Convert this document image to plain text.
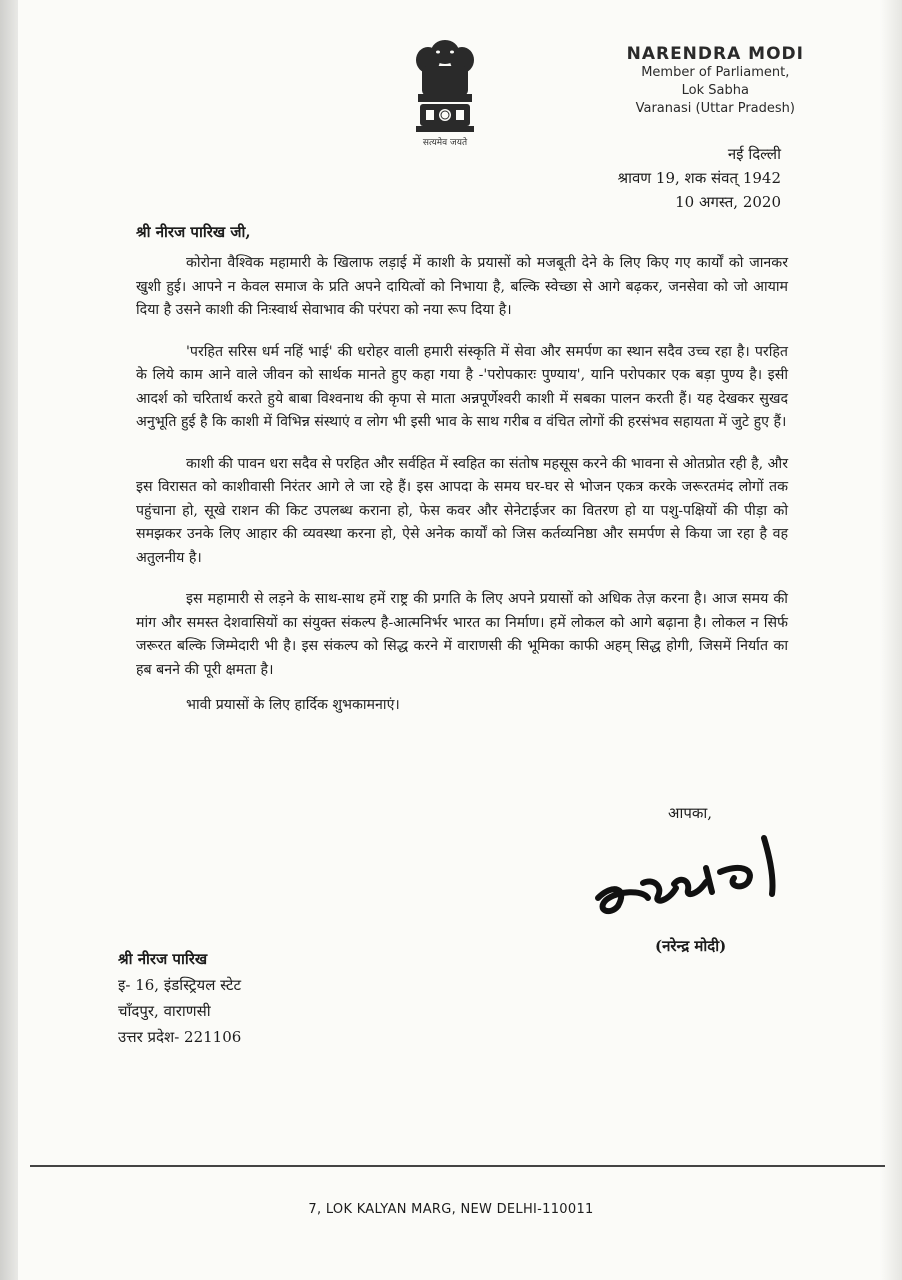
सत्यमेव जयते
NARENDRA MODI
Member of Parliament,
Lok Sabha
Varanasi (Uttar Pradesh)
नई दिल्ली
श्रावण 19, शक संवत् 1942
10 अगस्त, 2020
श्री नीरज पारिख जी,

कोरोना वैश्विक महामारी के खिलाफ लड़ाई में काशी के प्रयासों को मजबूती देने के लिए किए गए कार्यों को जानकर खुशी हुई। आपने न केवल समाज के प्रति अपने दायित्वों को निभाया है, बल्कि स्वेच्छा से आगे बढ़कर, जनसेवा को जो आयाम दिया है उसने काशी की निःस्वार्थ सेवाभाव की परंपरा को नया रूप दिया है।

'परहित सरिस धर्म नहिं भाई' की धरोहर वाली हमारी संस्कृति में सेवा और समर्पण का स्थान सदैव उच्च रहा है। परहित के लिये काम आने वाले जीवन को सार्थक मानते हुए कहा गया है -'परोपकारः पुण्याय', यानि परोपकार एक बड़ा पुण्य है। इसी आदर्श को चरितार्थ करते हुये बाबा विश्वनाथ की कृपा से माता अन्नपूर्णेश्वरी काशी में सबका पालन करती हैं। यह देखकर सुखद अनुभूति हुई है कि काशी में विभिन्न संस्थाएं व लोग भी इसी भाव के साथ गरीब व वंचित लोगों की हरसंभव सहायता में जुटे हुए हैं।

काशी की पावन धरा सदैव से परहित और सर्वहित में स्वहित का संतोष महसूस करने की भावना से ओतप्रोत रही है, और इस विरासत को काशीवासी निरंतर आगे ले जा रहे हैं। इस आपदा के समय घर-घर से भोजन एकत्र करके जरूरतमंद लोगों तक पहुंचाना हो, सूखे राशन की किट उपलब्ध कराना हो, फेस कवर और सेनेटाईजर का वितरण हो या पशु-पक्षियों की पीड़ा को समझकर उनके लिए आहार की व्यवस्था करना हो, ऐसे अनेक कार्यों को जिस कर्तव्यनिष्ठा और समर्पण से किया जा रहा है वह अतुलनीय है।

इस महामारी से लड़ने के साथ-साथ हमें राष्ट्र की प्रगति के लिए अपने प्रयासों को अधिक तेज़ करना है। आज समय की मांग और समस्त देशवासियों का संयुक्त संकल्प है-आत्मनिर्भर भारत का निर्माण। हमें लोकल को आगे बढ़ाना है। लोकल न सिर्फ जरूरत बल्कि जिम्मेदारी भी है। इस संकल्प को सिद्ध करने में वाराणसी की भूमिका काफी अहम् सिद्ध होगी, जिसमें निर्यात का हब बनने की पूरी क्षमता है।

भावी प्रयासों के लिए हार्दिक शुभकामनाएं।

आपका,
(नरेन्द्र मोदी)
श्री नीरज पारिख
इ- 16, इंडस्ट्रियल स्टेट
चाँदपुर, वाराणसी
उत्तर प्रदेश- 221106
7, LOK KALYAN MARG, NEW DELHI-110011
